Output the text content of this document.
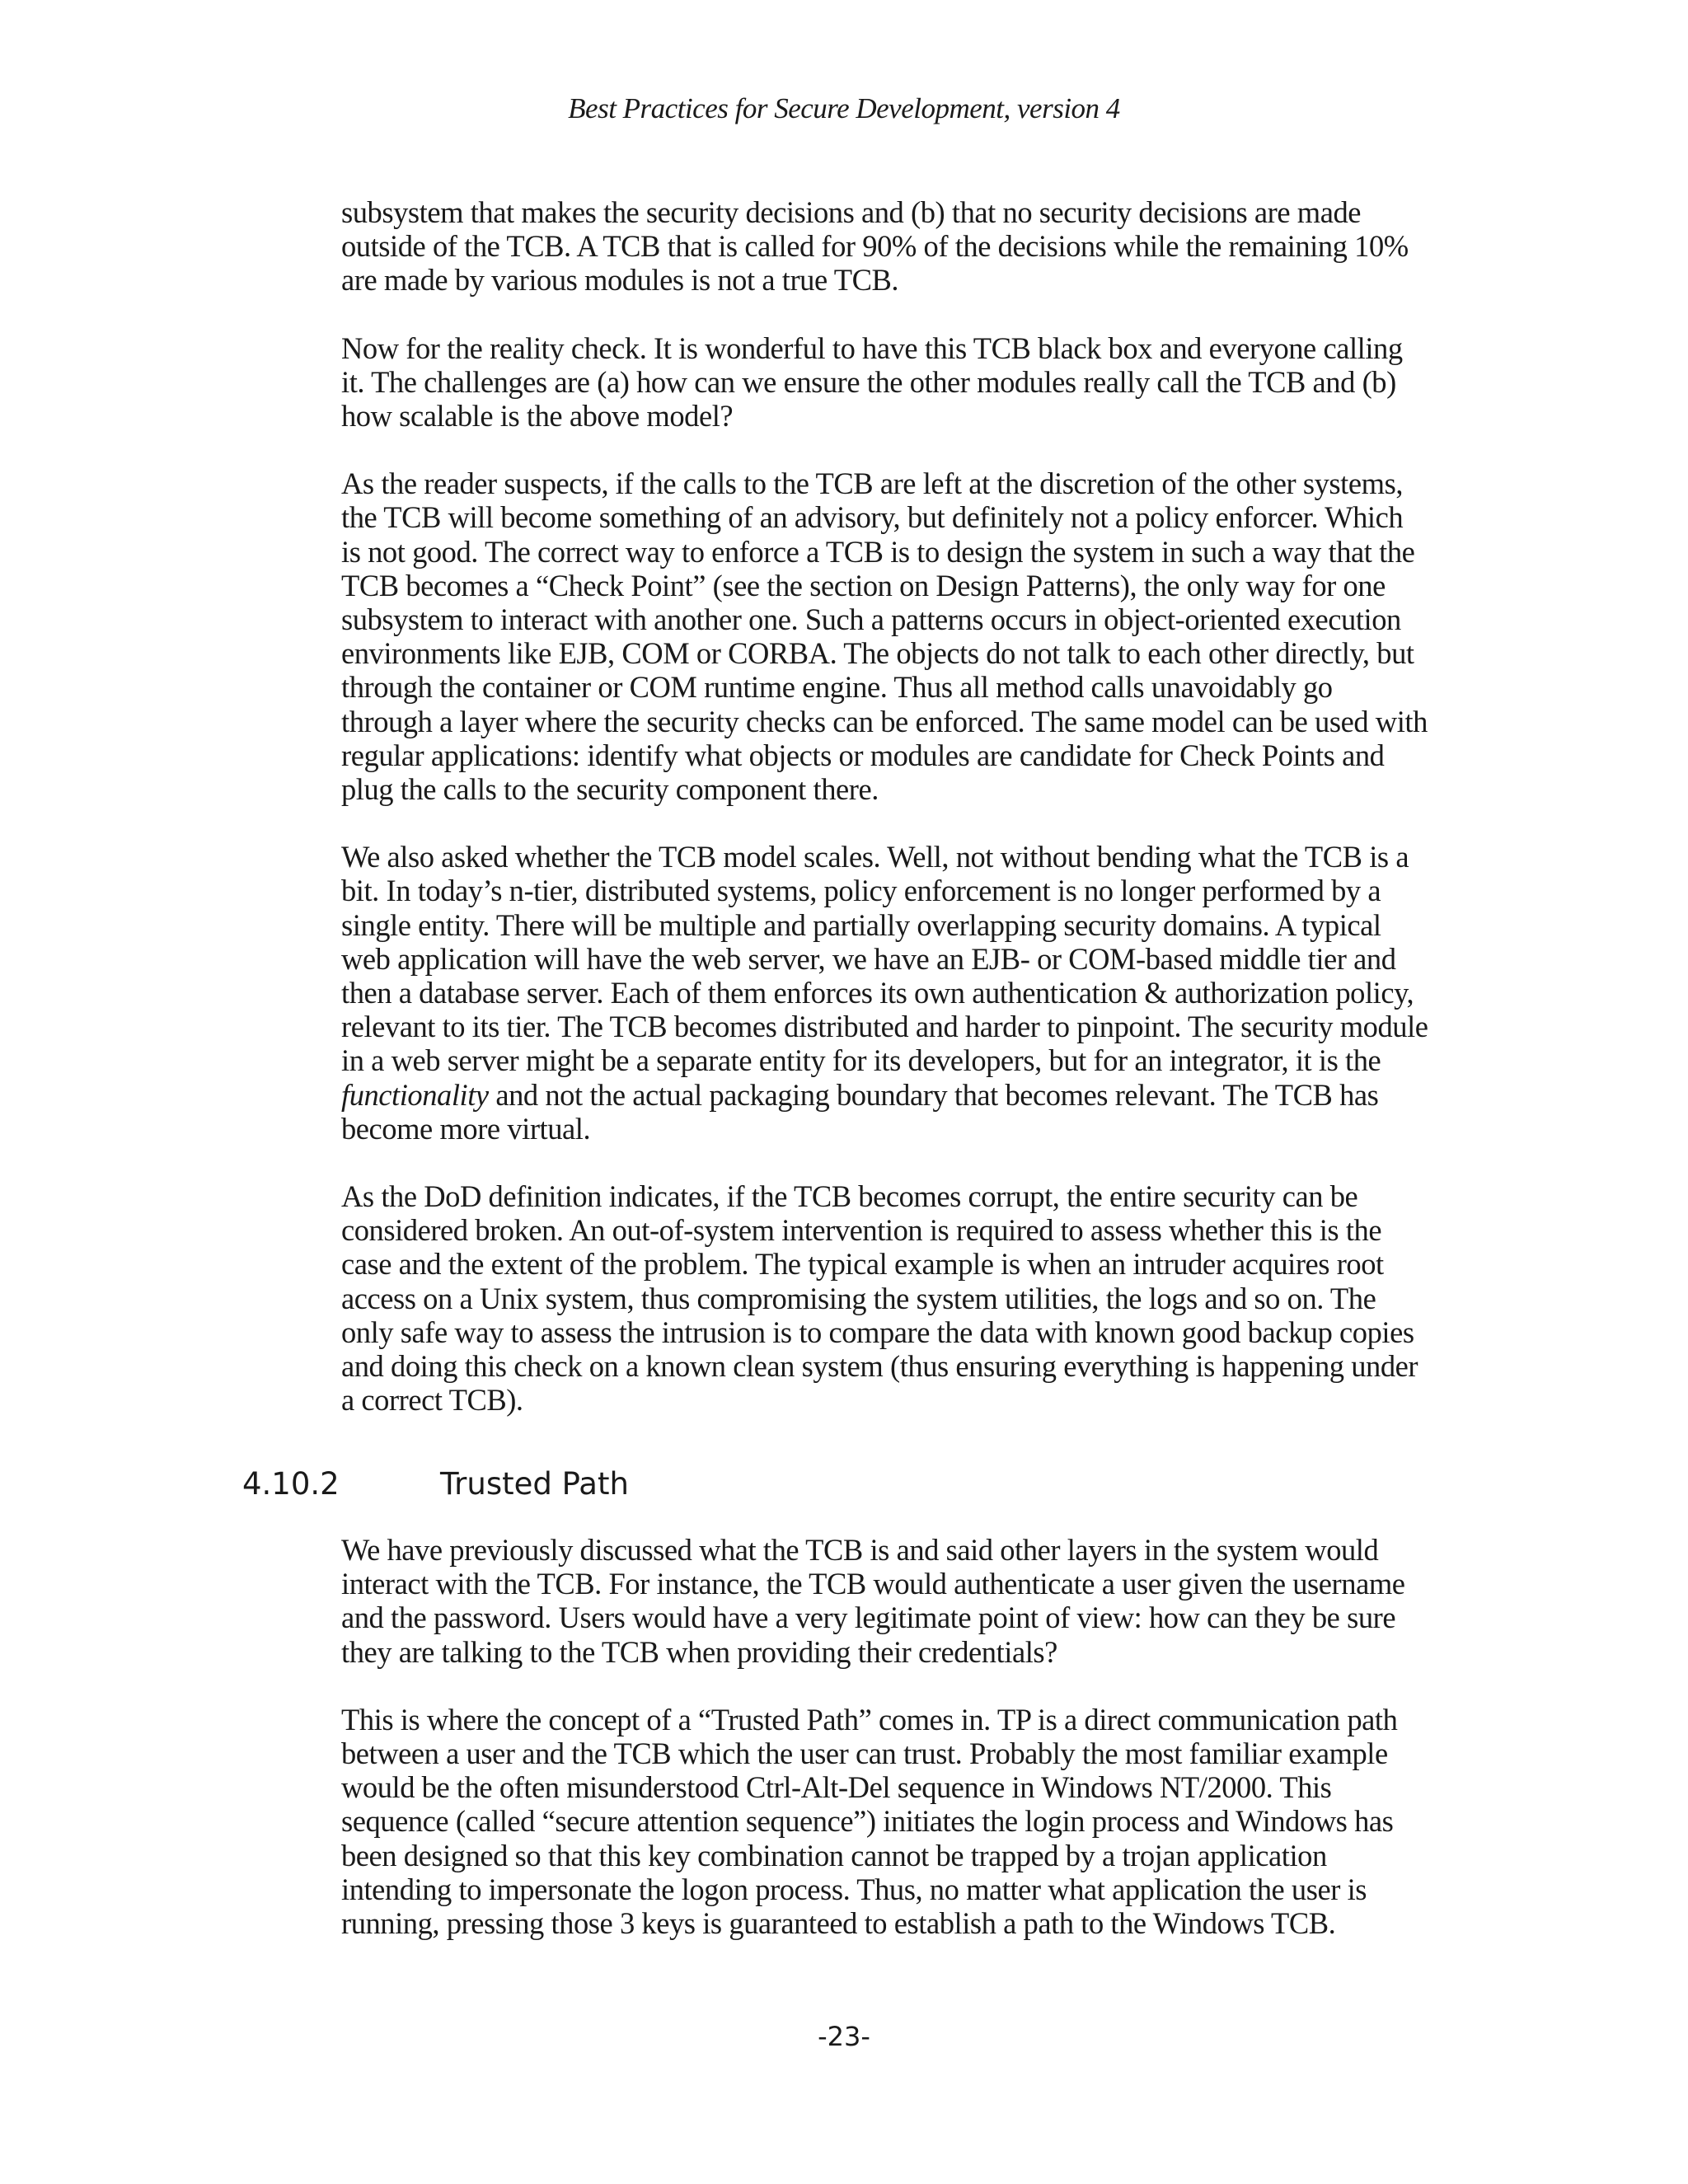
Best Practices for Secure Development, version 4

subsystem that makes the security decisions and (b) that no security decisions are made outside of the TCB. A TCB that is called for 90% of the decisions while the remaining 10% are made by various modules is not a true TCB.

Now for the reality check. It is wonderful to have this TCB black box and everyone calling it. The challenges are (a) how can we ensure the other modules really call the TCB and (b) how scalable is the above model?

As the reader suspects, if the calls to the TCB are left at the discretion of the other systems, the TCB will become something of an advisory, but definitely not a policy enforcer. Which is not good. The correct way to enforce a TCB is to design the system in such a way that the TCB becomes a “Check Point” (see the section on Design Patterns), the only way for one subsystem to interact with another one. Such a patterns occurs in object-oriented execution environments like EJB, COM or CORBA. The objects do not talk to each other directly, but through the container or COM runtime engine. Thus all method calls unavoidably go through a layer where the security checks can be enforced. The same model can be used with regular applications: identify what objects or modules are candidate for Check Points and plug the calls to the security component there.

We also asked whether the TCB model scales. Well, not without bending what the TCB is a bit. In today’s n-tier, distributed systems, policy enforcement is no longer performed by a single entity. There will be multiple and partially overlapping security domains. A typical web application will have the web server, we have an EJB- or COM-based middle tier and then a database server. Each of them enforces its own authentication & authorization policy, relevant to its tier. The TCB becomes distributed and harder to pinpoint. The security module in a web server might be a separate entity for its developers, but for an integrator, it is the functionality and not the actual packaging boundary that becomes relevant. The TCB has become more virtual.

As the DoD definition indicates, if the TCB becomes corrupt, the entire security can be considered broken. An out-of-system intervention is required to assess whether this is the case and the extent of the problem. The typical example is when an intruder acquires root access on a Unix system, thus compromising the system utilities, the logs and so on. The only safe way to assess the intrusion is to compare the data with known good backup copies and doing this check on a known clean system (thus ensuring everything is happening under a correct TCB).

4.10.2	Trusted Path

We have previously discussed what the TCB is and said other layers in the system would interact with the TCB. For instance, the TCB would authenticate a user given the username and the password. Users would have a very legitimate point of view: how can they be sure they are talking to the TCB when providing their credentials?

This is where the concept of a “Trusted Path” comes in. TP is a direct communication path between a user and the TCB which the user can trust. Probably the most familiar example would be the often misunderstood Ctrl-Alt-Del sequence in Windows NT/2000. This sequence (called “secure attention sequence”) initiates the login process and Windows has been designed so that this key combination cannot be trapped by a trojan application intending to impersonate the logon process. Thus, no matter what application the user is running, pressing those 3 keys is guaranteed to establish a path to the Windows TCB.

-23-
